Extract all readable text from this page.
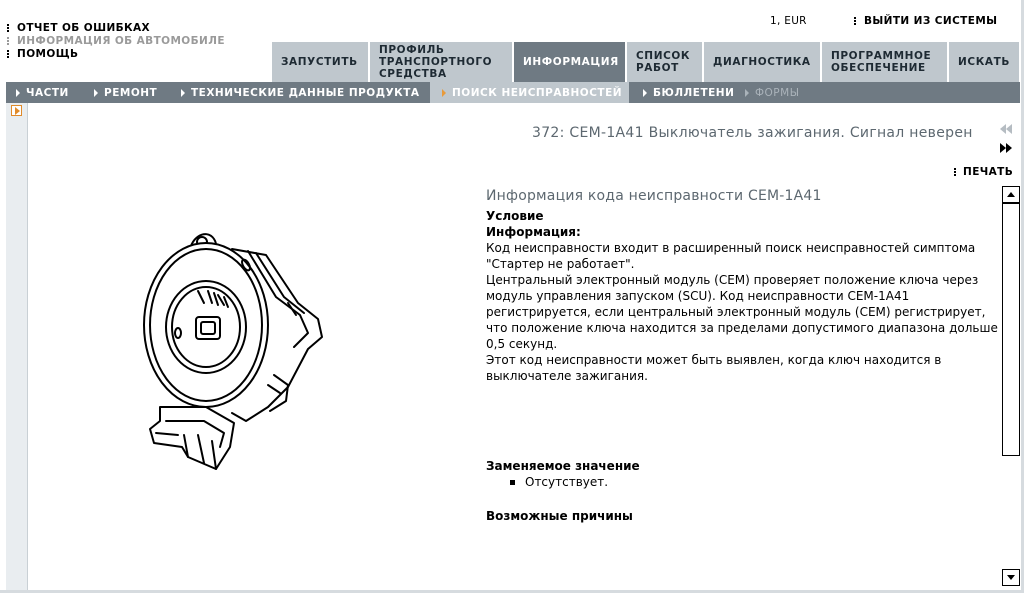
ОТЧЕТ ОБ ОШИБКАХ
ИНФОРМАЦИЯ ОБ АВТОМОБИЛЕ
ПОМОЩЬ
1, EUR	ВЫЙТИ ИЗ СИСТЕМЫ
ЗАПУСТИТЬ
ПРОФИЛЬ
ТРАНСПОРТНОГО
СРЕДСТВА
ИНФОРМАЦИЯ	СПИСОК
РАБОТ	ДИАГНОСТИКА	ПРОГРАММНОЕ
ОБЕСПЕЧЕНИЕ	ИСКАТЬ
ЧАСТИ	РЕМОНТ	ТЕХНИЧЕСКИЕ ДАННЫЕ ПРОДУКТА	ПОИСК НЕИСПРАВНОСТЕЙ	БЮЛЛЕТЕНИ ФОРМЫ
372: CEM-1A41 Выключатель зажигания. Сигнал неверен
ПЕЧАТЬ
Информация кода неисправности CEM-1A41

Условие

Информация:

Код неисправности входит в расширенный поиск неисправностей симптома "Стартер не работает".

Центральный электронный модуль (CEM) проверяет положение ключа через модуль управления запуском (SCU). Код неисправности CEM-1A41 регистрируется, если центральный электронный модуль (CEM) регистрирует, что положение ключа находится за пределами допустимого диапазона дольше 0,5 секунд.

Этот код неисправности может быть выявлен, когда ключ находится в выключателе зажигания.

Заменяемое значение

Отсутствует.

Возможные причины
